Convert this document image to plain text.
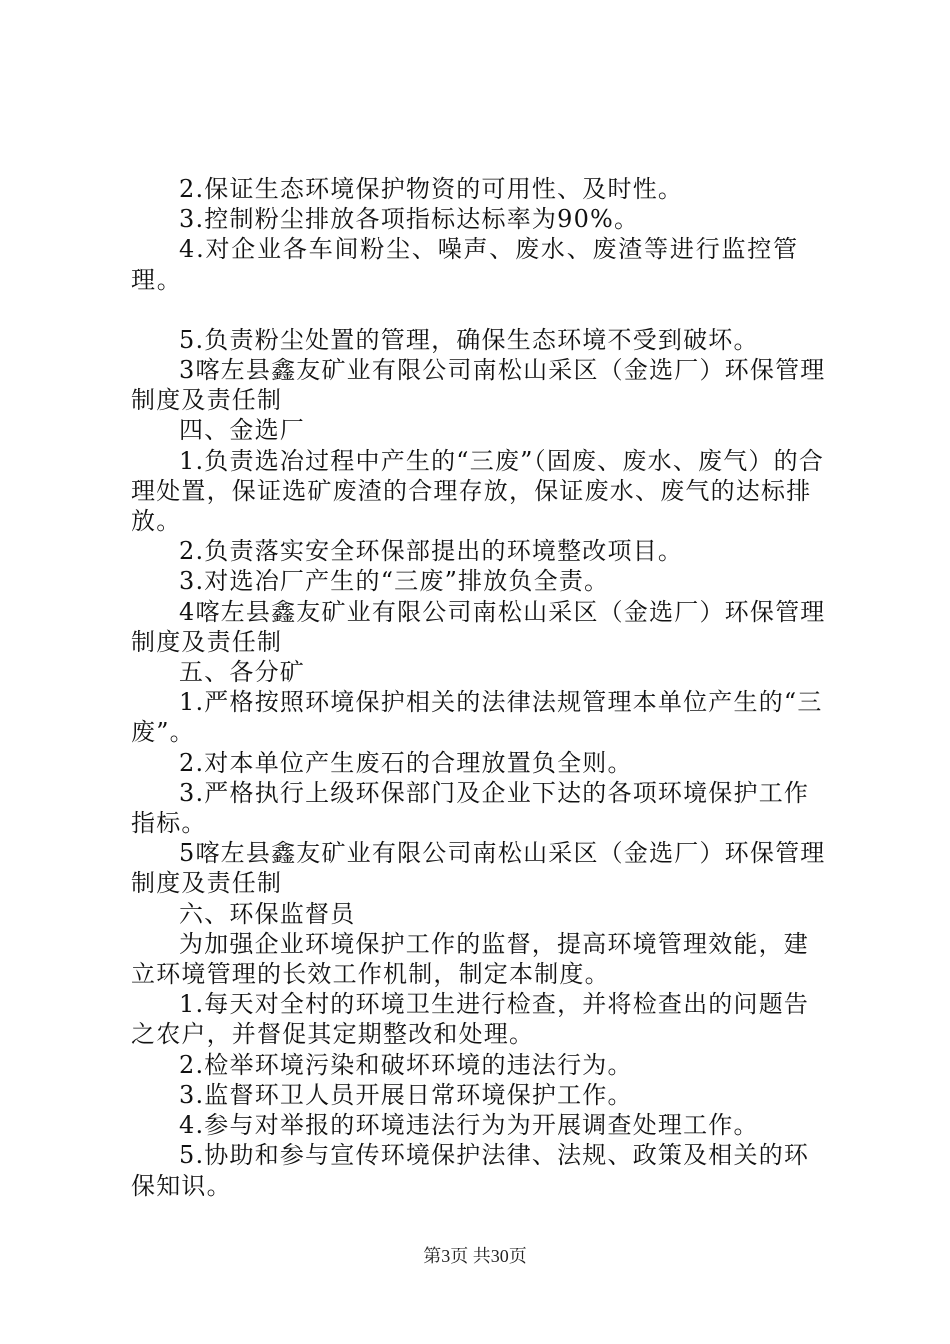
2.保证生态环境保护物资的可用性、及时性。

3.控制粉尘排放各项指标达标率为90%。

4.对企业各车间粉尘、噪声、废水、废渣等进行监控管理。

5.负责粉尘处置的管理，确保生态环境不受到破坏。

3喀左县鑫友矿业有限公司南松山采区（金选厂）环保管理制度及责任制

四、金选厂

1.负责选冶过程中产生的“三废”（固废、废水、废气）的合理处置，保证选矿废渣的合理存放，保证废水、废气的达标排放。

2.负责落实安全环保部提出的环境整改项目。

3.对选冶厂产生的“三废”排放负全责。

4喀左县鑫友矿业有限公司南松山采区（金选厂）环保管理制度及责任制

五、各分矿

1.严格按照环境保护相关的法律法规管理本单位产生的“三废”。

2.对本单位产生废石的合理放置负全则。

3.严格执行上级环保部门及企业下达的各项环境保护工作指标。

5喀左县鑫友矿业有限公司南松山采区（金选厂）环保管理制度及责任制

六、环保监督员

为加强企业环境保护工作的监督，提高环境管理效能，建立环境管理的长效工作机制，制定本制度。

1.每天对全村的环境卫生进行检查，并将检查出的问题告之农户，并督促其定期整改和处理。

2.检举环境污染和破坏环境的违法行为。

3.监督环卫人员开展日常环境保护工作。

4.参与对举报的环境违法行为为开展调查处理工作。

5.协助和参与宣传环境保护法律、法规、政策及相关的环保知识。

第3页 共30页
